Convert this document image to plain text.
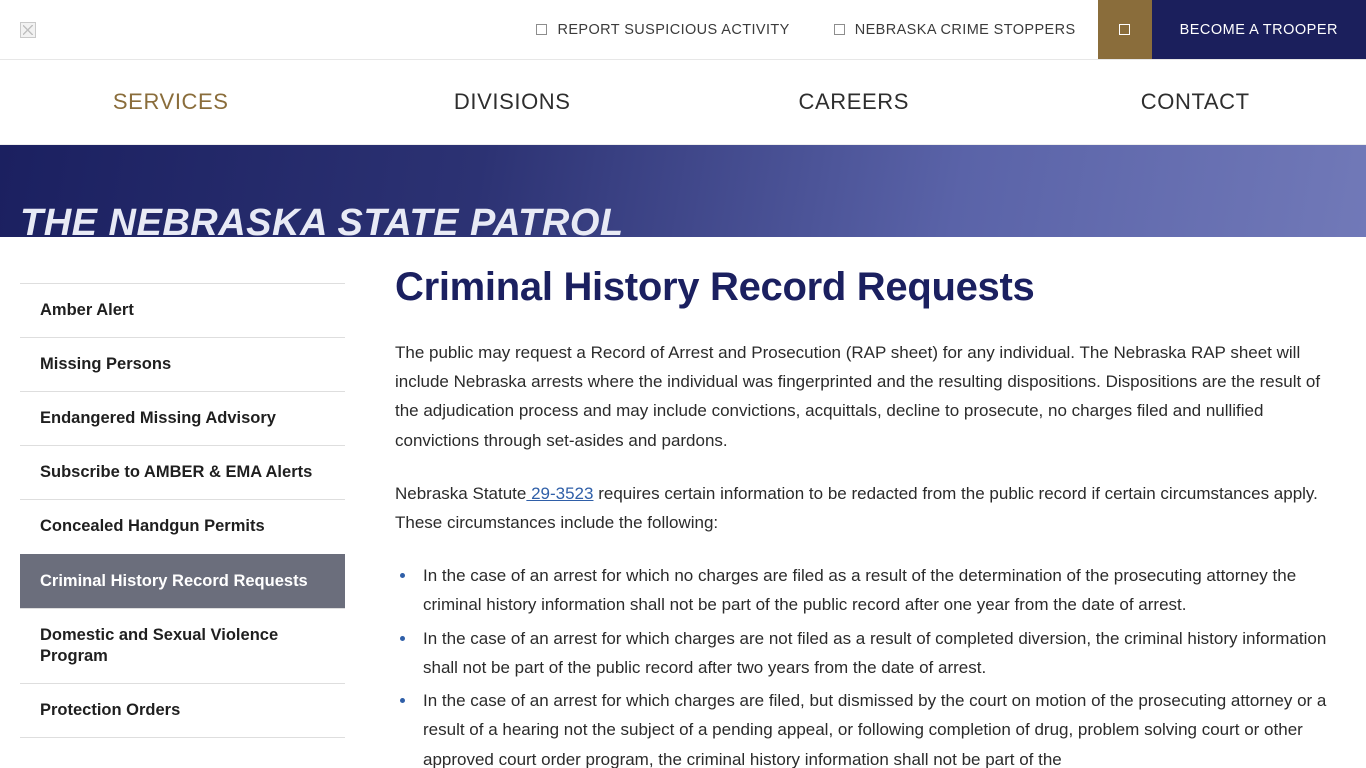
REPORT SUSPICIOUS ACTIVITY	NEBRASKA CRIME STOPPERS	BECOME A TROOPER
SERVICES	DIVISIONS	CAREERS	CONTACT
THE NEBRASKA STATE PATROL
Amber Alert
Missing Persons
Endangered Missing Advisory
Subscribe to AMBER & EMA Alerts
Concealed Handgun Permits
Criminal History Record Requests
Domestic and Sexual Violence Program
Protection Orders
Criminal History Record Requests

The public may request a Record of Arrest and Prosecution (RAP sheet) for any individual. The Nebraska RAP sheet will include Nebraska arrests where the individual was fingerprinted and the resulting dispositions. Dispositions are the result of the adjudication process and may include convictions, acquittals, decline to prosecute, no charges filed and nullified convictions through set-asides and pardons.

Nebraska Statute 29-3523 requires certain information to be redacted from the public record if certain circumstances apply. These circumstances include the following:

• In the case of an arrest for which no charges are filed as a result of the determination of the prosecuting attorney the criminal history information shall not be part of the public record after one year from the date of arrest.
• In the case of an arrest for which charges are not filed as a result of completed diversion, the criminal history information shall not be part of the public record after two years from the date of arrest.
• In the case of an arrest for which charges are filed, but dismissed by the court on motion of the prosecuting attorney or a result of a hearing not the subject of a pending appeal, or following completion of drug, problem solving court or other approved court order program, the criminal history information shall not be part of the
